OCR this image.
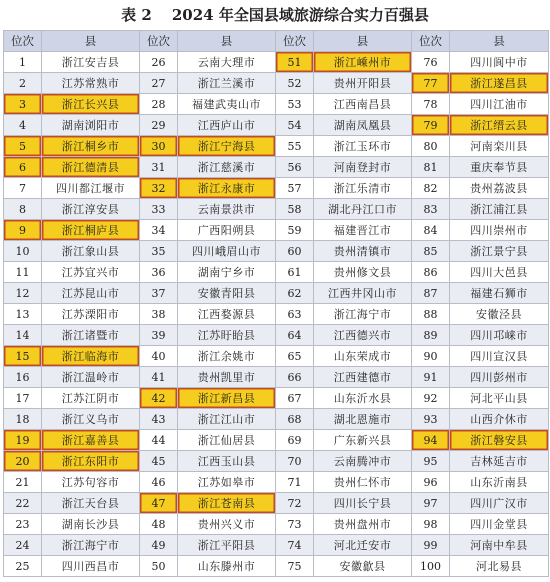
表 2 2024 年全国县域旅游综合实力百强县
位次	县	位次	县	位次	县	位次	县
1	浙江安吉县	26	云南大理市	51	浙江嵊州市	76	四川阆中市
2	江苏常熟市	27	浙江兰溪市	52	贵州开阳县	77	浙江遂昌县
3	浙江长兴县	28	福建武夷山市	53	江西南昌县	78	四川江油市
4	湖南浏阳市	29	江西庐山市	54	湖南凤凰县	79	浙江缙云县
5	浙江桐乡市	30	浙江宁海县	55	浙江玉环市	80	河南栾川县
6	浙江德清县	31	浙江慈溪市	56	河南登封市	81	重庆奉节县
7	四川都江堰市	32	浙江永康市	57	浙江乐清市	82	贵州荔波县
8	浙江淳安县	33	云南景洪市	58	湖北丹江口市	83	浙江浦江县
9	浙江桐庐县	34	广西阳朔县	59	福建晋江市	84	四川崇州市
10	浙江象山县	35	四川峨眉山市	60	贵州清镇市	85	浙江景宁县
11	江苏宜兴市	36	湖南宁乡市	61	贵州修文县	86	四川大邑县
12	江苏昆山市	37	安徽青阳县	62	江西井冈山市	87	福建石狮市
13	江苏溧阳市	38	江西婺源县	63	浙江海宁市	88	安徽泾县
14	浙江诸暨市	39	江苏盱眙县	64	江西德兴市	89	四川邛崃市
15	浙江临海市	40	浙江余姚市	65	山东荣成市	90	四川宣汉县
16	浙江温岭市	41	贵州凯里市	66	江西建德市	91	四川彭州市
17	江苏江阴市	42	浙江新昌县	67	山东沂水县	92	河北平山县
18	浙江义乌市	43	浙江江山市	68	湖北恩施市	93	山西介休市
19	浙江嘉善县	44	浙江仙居县	69	广东新兴县	94	浙江磐安县
20	浙江东阳市	45	江西玉山县	70	云南腾冲市	95	吉林延吉市
21	江苏句容市	46	江苏如皋市	71	贵州仁怀市	96	山东沂南县
22	浙江天台县	47	浙江苍南县	72	四川长宁县	97	四川广汉市
23	湖南长沙县	48	贵州兴义市	73	贵州盘州市	98	四川金堂县
24	浙江海宁市	49	浙江平阳县	74	河北迁安市	99	河南中牟县
25	四川西昌市	50	山东滕州市	75	安徽歙县	100	河北易县
